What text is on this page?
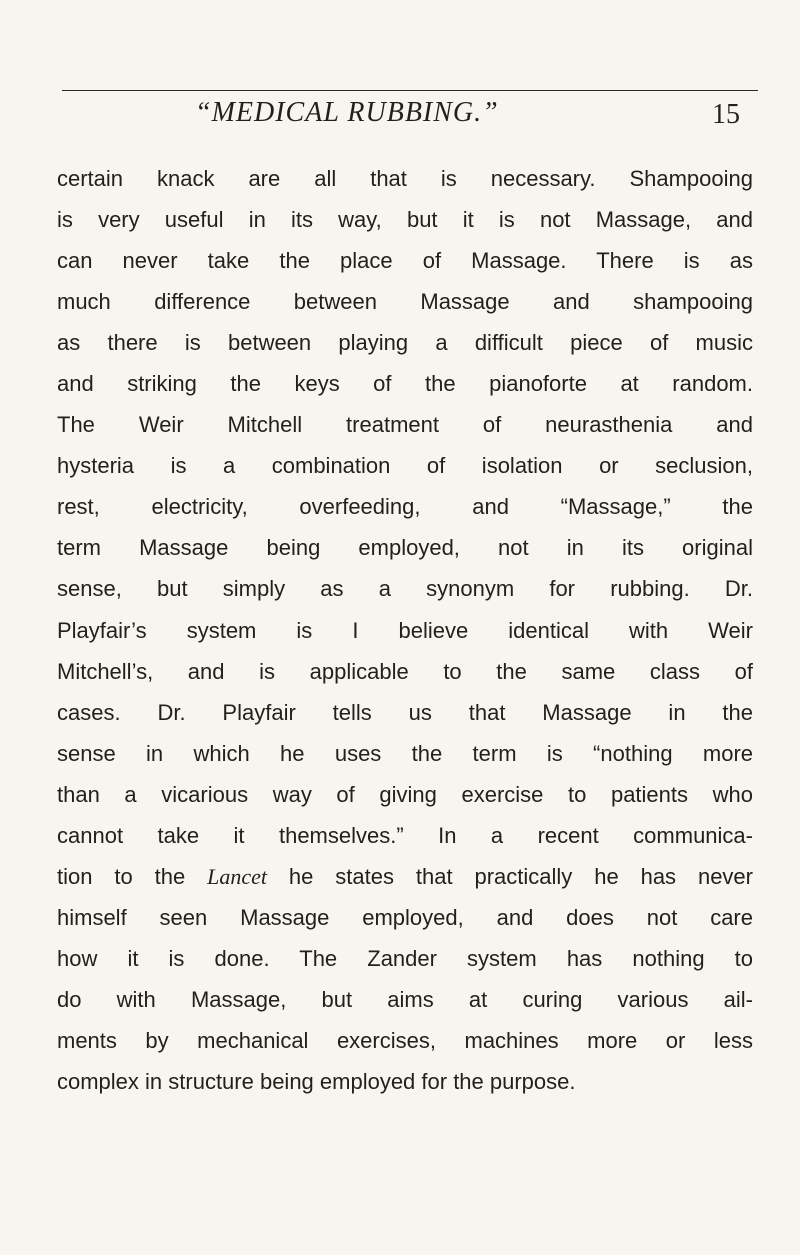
“MEDICAL RUBBING.”	15
certain knack are all that is necessary. Shampooing
is very useful in its way, but it is not Massage, and
can never take the place of Massage. There is as
much difference between Massage and shampooing
as there is between playing a difficult piece of music
and striking the keys of the pianoforte at random.
The Weir Mitchell treatment of neurasthenia and
hysteria is a combination of isolation or seclusion,
rest, electricity, overfeeding, and “Massage,” the
term Massage being employed, not in its original
sense, but simply as a synonym for rubbing. Dr.
Playfair’s system is I believe identical with Weir
Mitchell’s, and is applicable to the same class of
cases. Dr. Playfair tells us that Massage in the
sense in which he uses the term is “nothing more
than a vicarious way of giving exercise to patients who
cannot take it themselves.” In a recent communica-
tion to the Lancet he states that practically he has never
himself seen Massage employed, and does not care
how it is done. The Zander system has nothing to
do with Massage, but aims at curing various ail-
ments by mechanical exercises, machines more or less
complex in structure being employed for the purpose.
